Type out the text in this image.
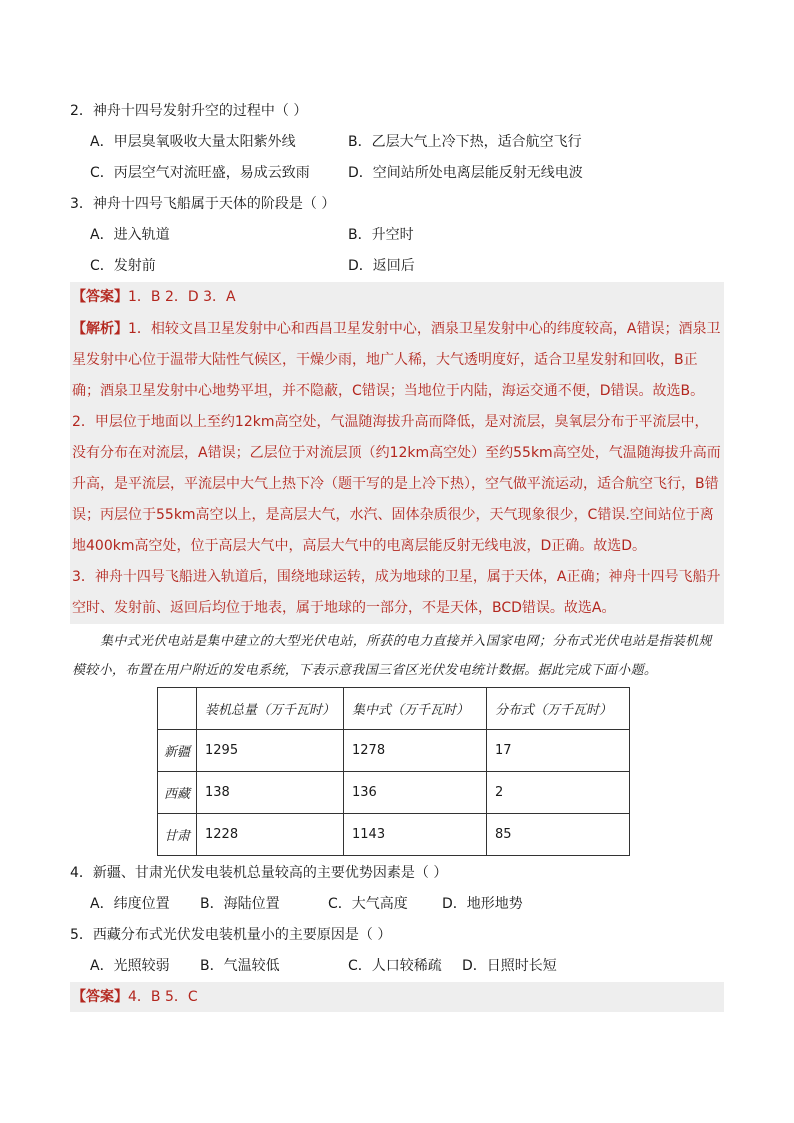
2．神舟十四号发射升空的过程中（ ）
A．甲层臭氧吸收大量太阳紫外线	B．乙层大气上冷下热，适合航空飞行
C．丙层空气对流旺盛，易成云致雨	D．空间站所处电离层能反射无线电波
3．神舟十四号飞船属于天体的阶段是（ ）
A．进入轨道	B．升空时
C．发射前	D．返回后
【答案】1．B 2．D 3．A
【解析】1．相较文昌卫星发射中心和西昌卫星发射中心，酒泉卫星发射中心的纬度较高，A错误；酒泉卫星发射中心位于温带大陆性气候区，干燥少雨，地广人稀，大气透明度好，适合卫星发射和回收，B正确；酒泉卫星发射中心地势平坦，并不隐蔽，C错误；当地位于内陆，海运交通不便，D错误。故选B。
2．甲层位于地面以上至约12km高空处，气温随海拔升高而降低，是对流层，臭氧层分布于平流层中，没有分布在对流层，A错误；乙层位于对流层顶（约12km高空处）至约55km高空处，气温随海拔升高而升高，是平流层，平流层中大气上热下冷（题干写的是上冷下热），空气做平流运动，适合航空飞行，B错误；丙层位于55km高空以上，是高层大气，水汽、固体杂质很少，天气现象很少，C错误.空间站位于离地400km高空处，位于高层大气中，高层大气中的电离层能反射无线电波，D正确。故选D。
3．神舟十四号飞船进入轨道后，围绕地球运转，成为地球的卫星，属于天体，A正确；神舟十四号飞船升空时、发射前、返回后均位于地表，属于地球的一部分，不是天体，BCD错误。故选A。
集中式光伏电站是集中建立的大型光伏电站，所获的电力直接并入国家电网；分布式光伏电站是指装机规模较小，布置在用户附近的发电系统，下表示意我国三省区光伏发电统计数据。据此完成下面小题。
	装机总量（万千瓦时）	集中式（万千瓦时）	分布式（万千瓦时）
新疆	1295	1278	17
西藏	138	136	2
甘肃	1228	1143	85
4．新疆、甘肃光伏发电装机总量较高的主要优势因素是（ ）
A．纬度位置 B．海陆位置	C．大气高度 D．地形地势
5．西藏分布式光伏发电装机量小的主要原因是（ ）
A．光照较弱 B．气温较低	C．人口较稀疏 D．日照时长短
【答案】4．B 5．C
